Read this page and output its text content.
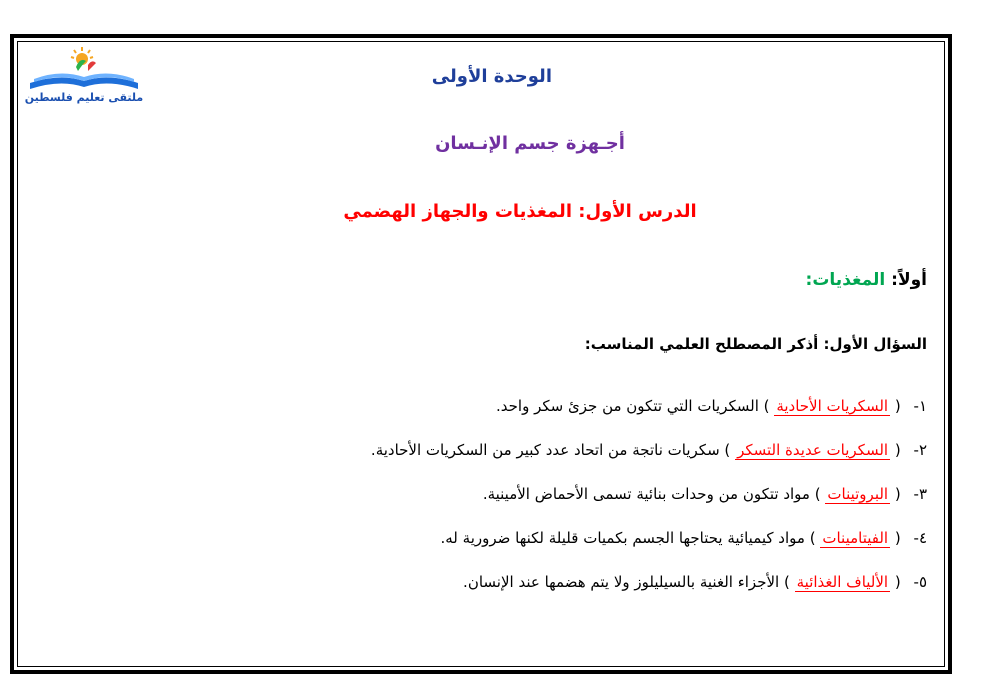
ملتقى تعليم فلسطين
الوحدة الأولى
أجـهزة جسم الإنـسان
الدرس الأول: المغذيات والجهاز الهضمي
أولاً: المغذيات:
السؤال الأول: أذكر المصطلح العلمي المناسب:
١- ( السكريات الأحادية ) السكريات التي تتكون من جزئ سكر واحد.
٢- ( السكريات عديدة التسكر ) سكريات ناتجة من اتحاد عدد كبير من السكريات الأحادية.
٣- ( البروتينات ) مواد تتكون من وحدات بنائية تسمى الأحماض الأمينية.
٤- ( الفيتامينات ) مواد كيميائية يحتاجها الجسم بكميات قليلة لكنها ضرورية له.
٥- ( الألياف الغذائية ) الأجزاء الغنية بالسيليلوز ولا يتم هضمها عند الإنسان.
